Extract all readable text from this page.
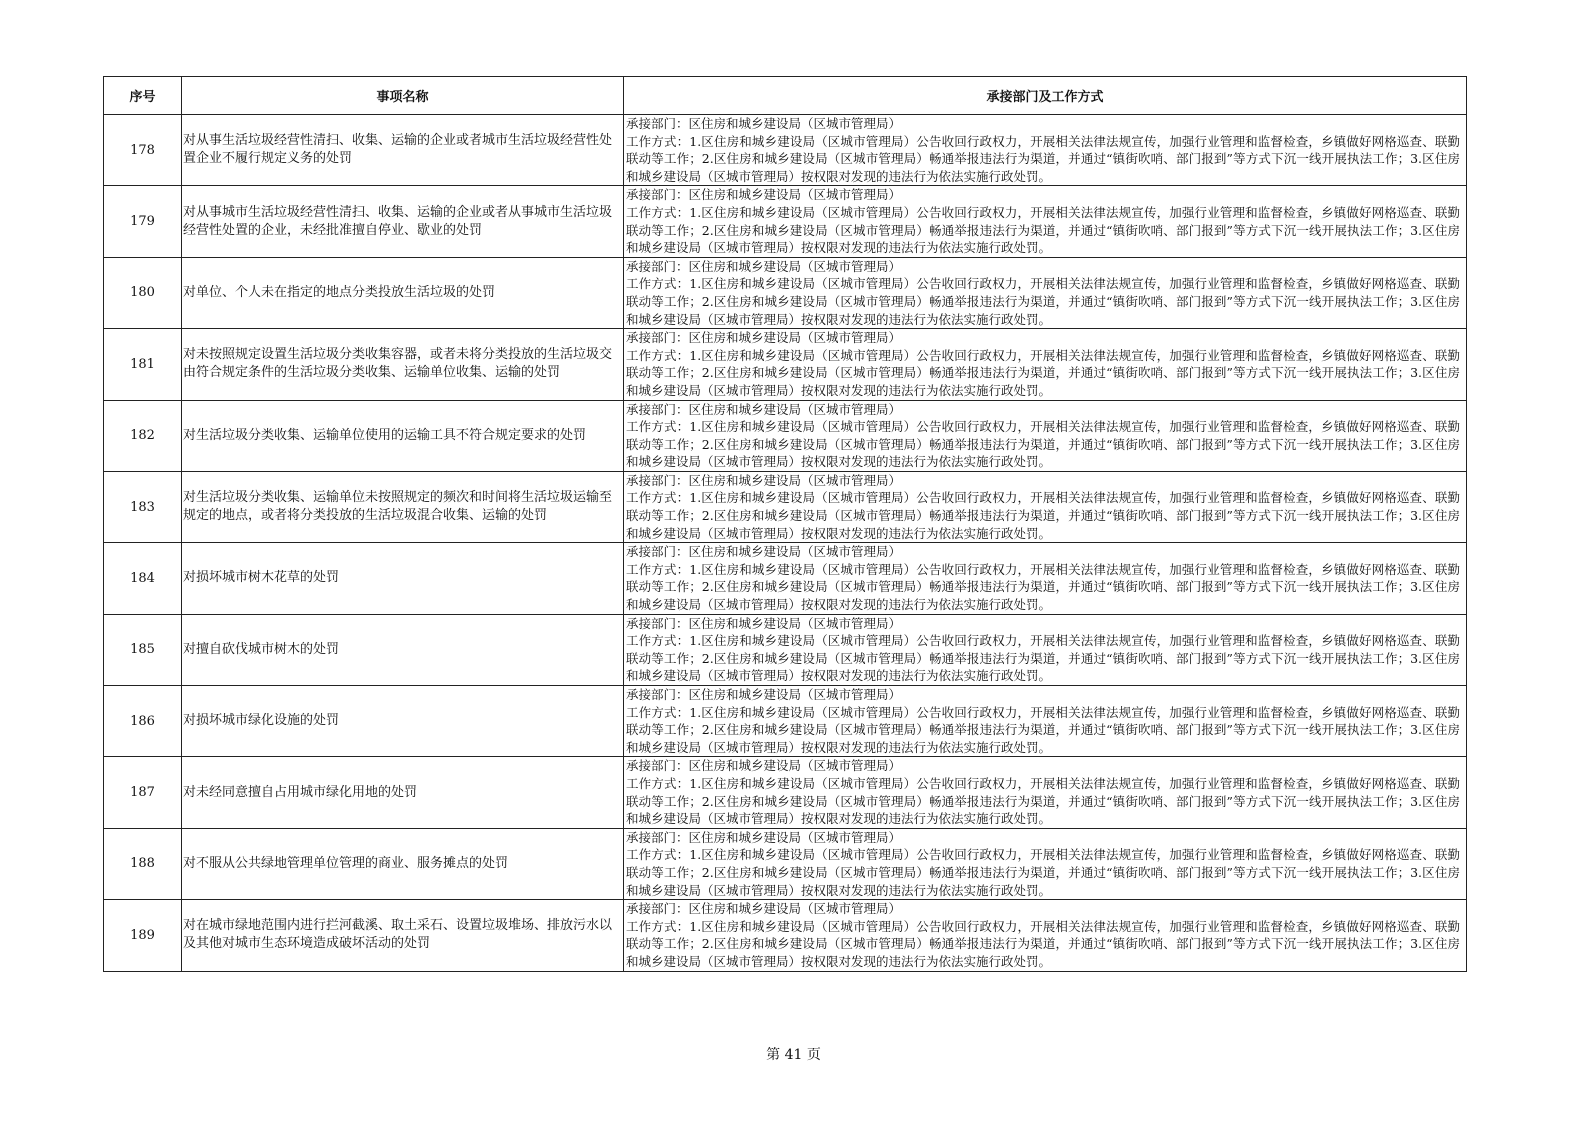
序号	事项名称	承接部门及工作方式
178	对从事生活垃圾经营性清扫、收集、运输的企业或者城市生活垃圾经营性处置企业不履行规定义务的处罚	承接部门：区住房和城乡建设局（区城市管理局）
工作方式：1.区住房和城乡建设局（区城市管理局）公告收回行政权力，开展相关法律法规宣传，加强行业管理和监督检查，乡镇做好网格巡查、联勤联动等工作；2.区住房和城乡建设局（区城市管理局）畅通举报违法行为渠道，并通过“镇街吹哨、部门报到”等方式下沉一线开展执法工作；3.区住房和城乡建设局（区城市管理局）按权限对发现的违法行为依法实施行政处罚。

179	对从事城市生活垃圾经营性清扫、收集、运输的企业或者从事城市生活垃圾经营性处置的企业，未经批准擅自停业、歇业的处罚	承接部门：区住房和城乡建设局（区城市管理局）
工作方式：1.区住房和城乡建设局（区城市管理局）公告收回行政权力，开展相关法律法规宣传，加强行业管理和监督检查，乡镇做好网格巡查、联勤联动等工作；2.区住房和城乡建设局（区城市管理局）畅通举报违法行为渠道，并通过“镇街吹哨、部门报到”等方式下沉一线开展执法工作；3.区住房和城乡建设局（区城市管理局）按权限对发现的违法行为依法实施行政处罚。

180	对单位、个人未在指定的地点分类投放生活垃圾的处罚	承接部门：区住房和城乡建设局（区城市管理局）
工作方式：1.区住房和城乡建设局（区城市管理局）公告收回行政权力，开展相关法律法规宣传，加强行业管理和监督检查，乡镇做好网格巡查、联勤联动等工作；2.区住房和城乡建设局（区城市管理局）畅通举报违法行为渠道，并通过“镇街吹哨、部门报到”等方式下沉一线开展执法工作；3.区住房和城乡建设局（区城市管理局）按权限对发现的违法行为依法实施行政处罚。

181	对未按照规定设置生活垃圾分类收集容器，或者未将分类投放的生活垃圾交由符合规定条件的生活垃圾分类收集、运输单位收集、运输的处罚	承接部门：区住房和城乡建设局（区城市管理局）
工作方式：1.区住房和城乡建设局（区城市管理局）公告收回行政权力，开展相关法律法规宣传，加强行业管理和监督检查，乡镇做好网格巡查、联勤联动等工作；2.区住房和城乡建设局（区城市管理局）畅通举报违法行为渠道，并通过“镇街吹哨、部门报到”等方式下沉一线开展执法工作；3.区住房和城乡建设局（区城市管理局）按权限对发现的违法行为依法实施行政处罚。

182	对生活垃圾分类收集、运输单位使用的运输工具不符合规定要求的处罚	承接部门：区住房和城乡建设局（区城市管理局）
工作方式：1.区住房和城乡建设局（区城市管理局）公告收回行政权力，开展相关法律法规宣传，加强行业管理和监督检查，乡镇做好网格巡查、联勤联动等工作；2.区住房和城乡建设局（区城市管理局）畅通举报违法行为渠道，并通过“镇街吹哨、部门报到”等方式下沉一线开展执法工作；3.区住房和城乡建设局（区城市管理局）按权限对发现的违法行为依法实施行政处罚。

183	对生活垃圾分类收集、运输单位未按照规定的频次和时间将生活垃圾运输至规定的地点，或者将分类投放的生活垃圾混合收集、运输的处罚	承接部门：区住房和城乡建设局（区城市管理局）
工作方式：1.区住房和城乡建设局（区城市管理局）公告收回行政权力，开展相关法律法规宣传，加强行业管理和监督检查，乡镇做好网格巡查、联勤联动等工作；2.区住房和城乡建设局（区城市管理局）畅通举报违法行为渠道，并通过“镇街吹哨、部门报到”等方式下沉一线开展执法工作；3.区住房和城乡建设局（区城市管理局）按权限对发现的违法行为依法实施行政处罚。

184	对损坏城市树木花草的处罚	承接部门：区住房和城乡建设局（区城市管理局）
工作方式：1.区住房和城乡建设局（区城市管理局）公告收回行政权力，开展相关法律法规宣传，加强行业管理和监督检查，乡镇做好网格巡查、联勤联动等工作；2.区住房和城乡建设局（区城市管理局）畅通举报违法行为渠道，并通过“镇街吹哨、部门报到”等方式下沉一线开展执法工作；3.区住房和城乡建设局（区城市管理局）按权限对发现的违法行为依法实施行政处罚。

185	对擅自砍伐城市树木的处罚	承接部门：区住房和城乡建设局（区城市管理局）
工作方式：1.区住房和城乡建设局（区城市管理局）公告收回行政权力，开展相关法律法规宣传，加强行业管理和监督检查，乡镇做好网格巡查、联勤联动等工作；2.区住房和城乡建设局（区城市管理局）畅通举报违法行为渠道，并通过“镇街吹哨、部门报到”等方式下沉一线开展执法工作；3.区住房和城乡建设局（区城市管理局）按权限对发现的违法行为依法实施行政处罚。

186	对损坏城市绿化设施的处罚	承接部门：区住房和城乡建设局（区城市管理局）
工作方式：1.区住房和城乡建设局（区城市管理局）公告收回行政权力，开展相关法律法规宣传，加强行业管理和监督检查，乡镇做好网格巡查、联勤联动等工作；2.区住房和城乡建设局（区城市管理局）畅通举报违法行为渠道，并通过“镇街吹哨、部门报到”等方式下沉一线开展执法工作；3.区住房和城乡建设局（区城市管理局）按权限对发现的违法行为依法实施行政处罚。

187	对未经同意擅自占用城市绿化用地的处罚	承接部门：区住房和城乡建设局（区城市管理局）
工作方式：1.区住房和城乡建设局（区城市管理局）公告收回行政权力，开展相关法律法规宣传，加强行业管理和监督检查，乡镇做好网格巡查、联勤联动等工作；2.区住房和城乡建设局（区城市管理局）畅通举报违法行为渠道，并通过“镇街吹哨、部门报到”等方式下沉一线开展执法工作；3.区住房和城乡建设局（区城市管理局）按权限对发现的违法行为依法实施行政处罚。

188	对不服从公共绿地管理单位管理的商业、服务摊点的处罚	承接部门：区住房和城乡建设局（区城市管理局）
工作方式：1.区住房和城乡建设局（区城市管理局）公告收回行政权力，开展相关法律法规宣传，加强行业管理和监督检查，乡镇做好网格巡查、联勤联动等工作；2.区住房和城乡建设局（区城市管理局）畅通举报违法行为渠道，并通过“镇街吹哨、部门报到”等方式下沉一线开展执法工作；3.区住房和城乡建设局（区城市管理局）按权限对发现的违法行为依法实施行政处罚。

189	对在城市绿地范围内进行拦河截溪、取土采石、设置垃圾堆场、排放污水以及其他对城市生态环境造成破坏活动的处罚	承接部门：区住房和城乡建设局（区城市管理局）
工作方式：1.区住房和城乡建设局（区城市管理局）公告收回行政权力，开展相关法律法规宣传，加强行业管理和监督检查，乡镇做好网格巡查、联勤联动等工作；2.区住房和城乡建设局（区城市管理局）畅通举报违法行为渠道，并通过“镇街吹哨、部门报到”等方式下沉一线开展执法工作；3.区住房和城乡建设局（区城市管理局）按权限对发现的违法行为依法实施行政处罚。
第 41 页
